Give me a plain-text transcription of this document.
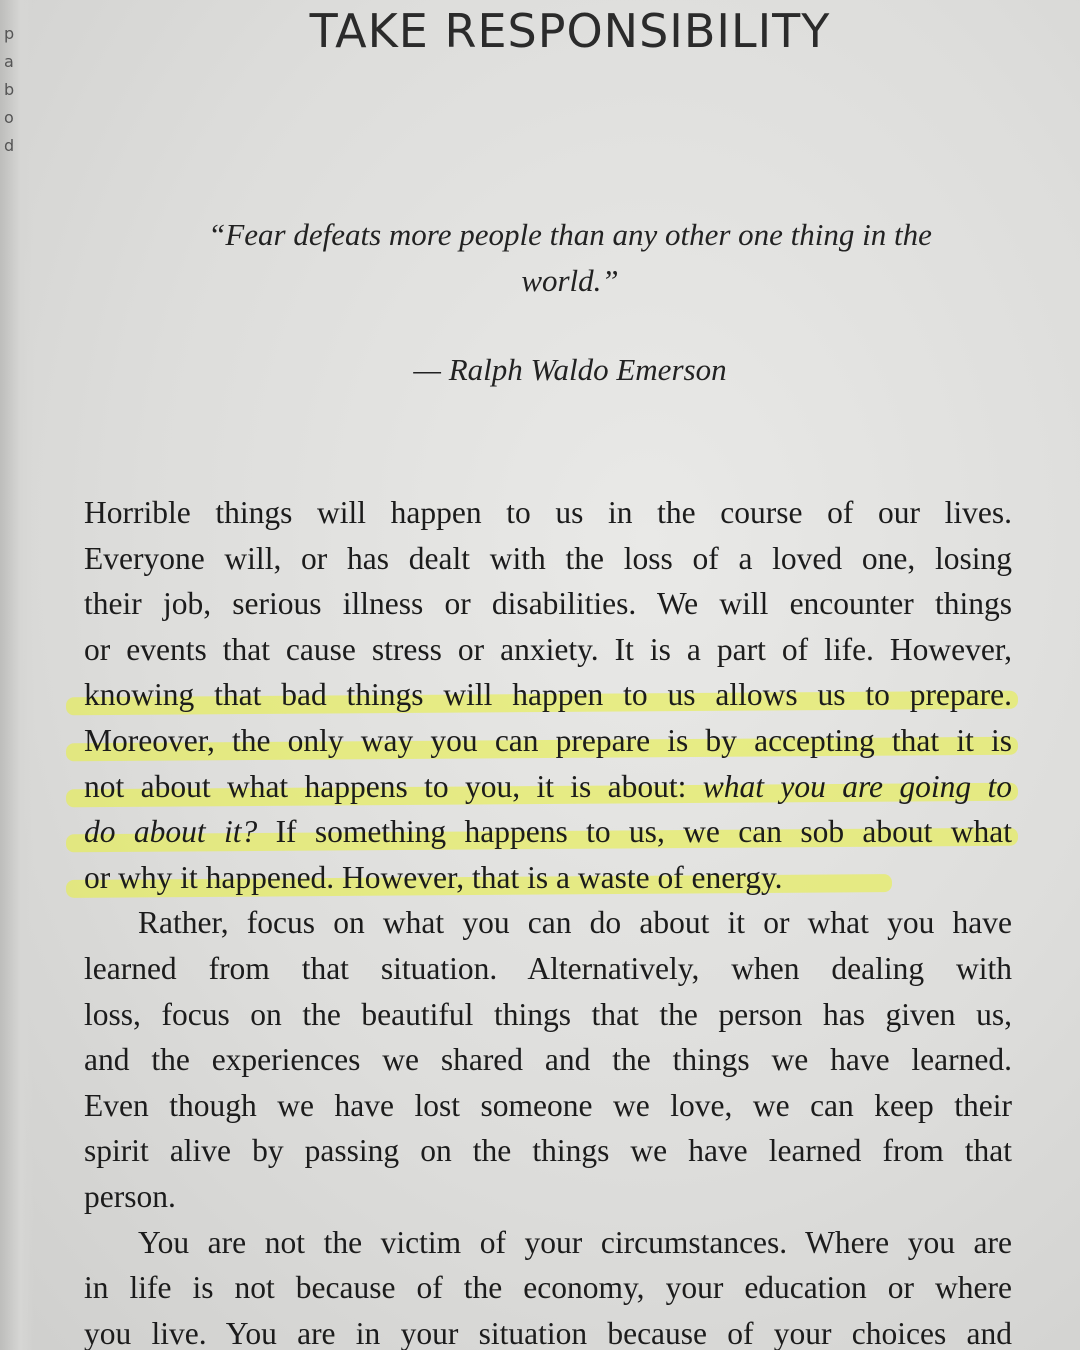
p
a
b
o
d
TAKE RESPONSIBILITY
“Fear defeats more people than any other one thing in the
world.”
— Ralph Waldo Emerson
Horrible things will happen to us in the course of our lives.
Everyone will, or has dealt with the loss of a loved one, losing
their job, serious illness or disabilities. We will encounter things
or events that cause stress or anxiety. It is a part of life. However,
knowing that bad things will happen to us allows us to prepare.
Moreover, the only way you can prepare is by accepting that it is
not about what happens to you, it is about: what you are going to
do about it? If something happens to us, we can sob about what
or why it happened. However, that is a waste of energy.
Rather, focus on what you can do about it or what you have
learned from that situation. Alternatively, when dealing with
loss, focus on the beautiful things that the person has given us,
and the experiences we shared and the things we have learned.
Even though we have lost someone we love, we can keep their
spirit alive by passing on the things we have learned from that
person.
You are not the victim of your circumstances. Where you are
in life is not because of the economy, your education or where
you live. You are in your situation because of your choices and
